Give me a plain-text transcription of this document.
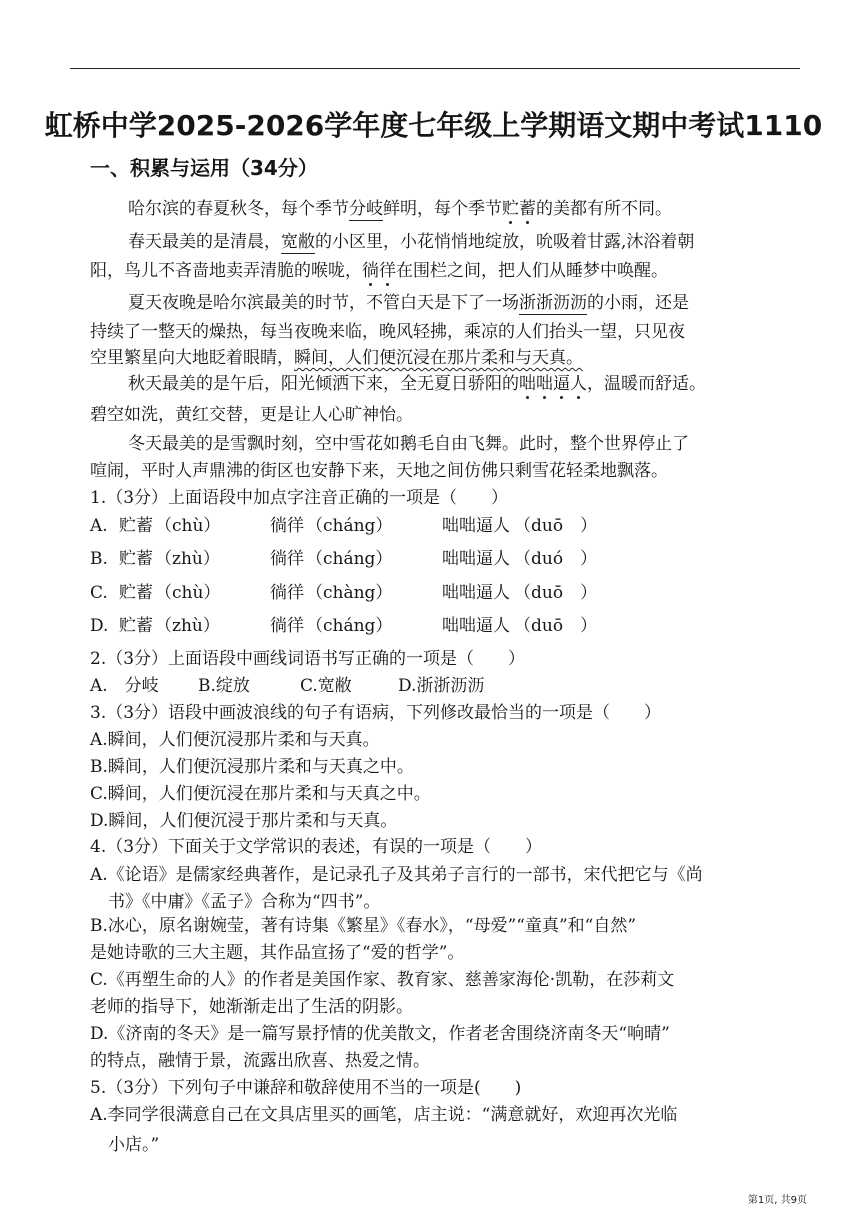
虹桥中学2025-2026学年度七年级上学期语文期中考试1110
一、积累与运用（34分）
哈尔滨的春夏秋冬，每个季节分岐鲜明，每个季节贮蓄的美都有所不同。
春天最美的是清晨，宽敝的小区里，小花悄悄地绽放，吮吸着甘露,沐浴着朝
阳，鸟儿不吝啬地卖弄清脆的喉咙，徜徉在围栏之间，把人们从睡梦中唤醒。
夏天夜晚是哈尔滨最美的时节，不管白天是下了一场浙浙沥沥的小雨，还是
持续了一整天的燥热，每当夜晚来临，晚风轻拂，乘凉的人们抬头一望，只见夜
空里繁星向大地眨着眼睛，瞬间，人们便沉浸在那片柔和与天真。
秋天最美的是午后，阳光倾洒下来，全无夏日骄阳的咄咄逼人，温暖而舒适。
碧空如洗，黄红交替，更是让人心旷神怡。
冬天最美的是雪飘时刻，空中雪花如鹅毛自由飞舞。此时，整个世界停止了
喧闹，平时人声鼎沸的街区也安静下来，天地之间仿佛只剩雪花轻柔地飘落。
1.（3分）上面语段中加点字注音正确的一项是（　　）
A. 贮蓄 （chù）	徜徉 （cháng）	咄咄逼人 （duō　）
B. 贮蓄 （zhù）	徜徉 （cháng）	咄咄逼人 （duó　）
C. 贮蓄 （chù）	徜徉 （chàng）	咄咄逼人 （duō　）
D. 贮蓄 （zhù）	徜徉 （cháng）	咄咄逼人 （duō　）
2.（3分）上面语段中画线词语书写正确的一项是（　　）
A.　分岐 B.绽放	C.宽敝	D.浙浙沥沥
3.（3分）语段中画波浪线的句子有语病，下列修改最恰当的一项是（　　）
A.瞬间，人们便沉浸那片柔和与天真。
B.瞬间，人们便沉浸那片柔和与天真之中。
C.瞬间，人们便沉浸在那片柔和与天真之中。
D.瞬间，人们便沉浸于那片柔和与天真。
4.（3分）下面关于文学常识的表述，有误的一项是（　　）
A.《论语》是儒家经典著作，是记录孔子及其弟子言行的一部书，宋代把它与《尚
书》《中庸》《孟子》合称为“四书”。
B.冰心，原名谢婉莹，著有诗集《繁星》《春水》，“母爱”“童真”和“自然”
是她诗歌的三大主题，其作品宣扬了“爱的哲学”。
C.《再塑生命的人》的作者是美国作家、教育家、慈善家海伦·凯勒，在莎莉文
老师的指导下，她渐渐走出了生活的阴影。
D.《济南的冬天》是一篇写景抒情的优美散文，作者老舍围绕济南冬天“响晴”
的特点，融情于景，流露出欣喜、热爱之情。
5.（3分）下列句子中谦辞和敬辞使用不当的一项是(　　)
A.李同学很满意自己在文具店里买的画笔，店主说：“满意就好，欢迎再次光临
小店。”
第1页, 共9页
